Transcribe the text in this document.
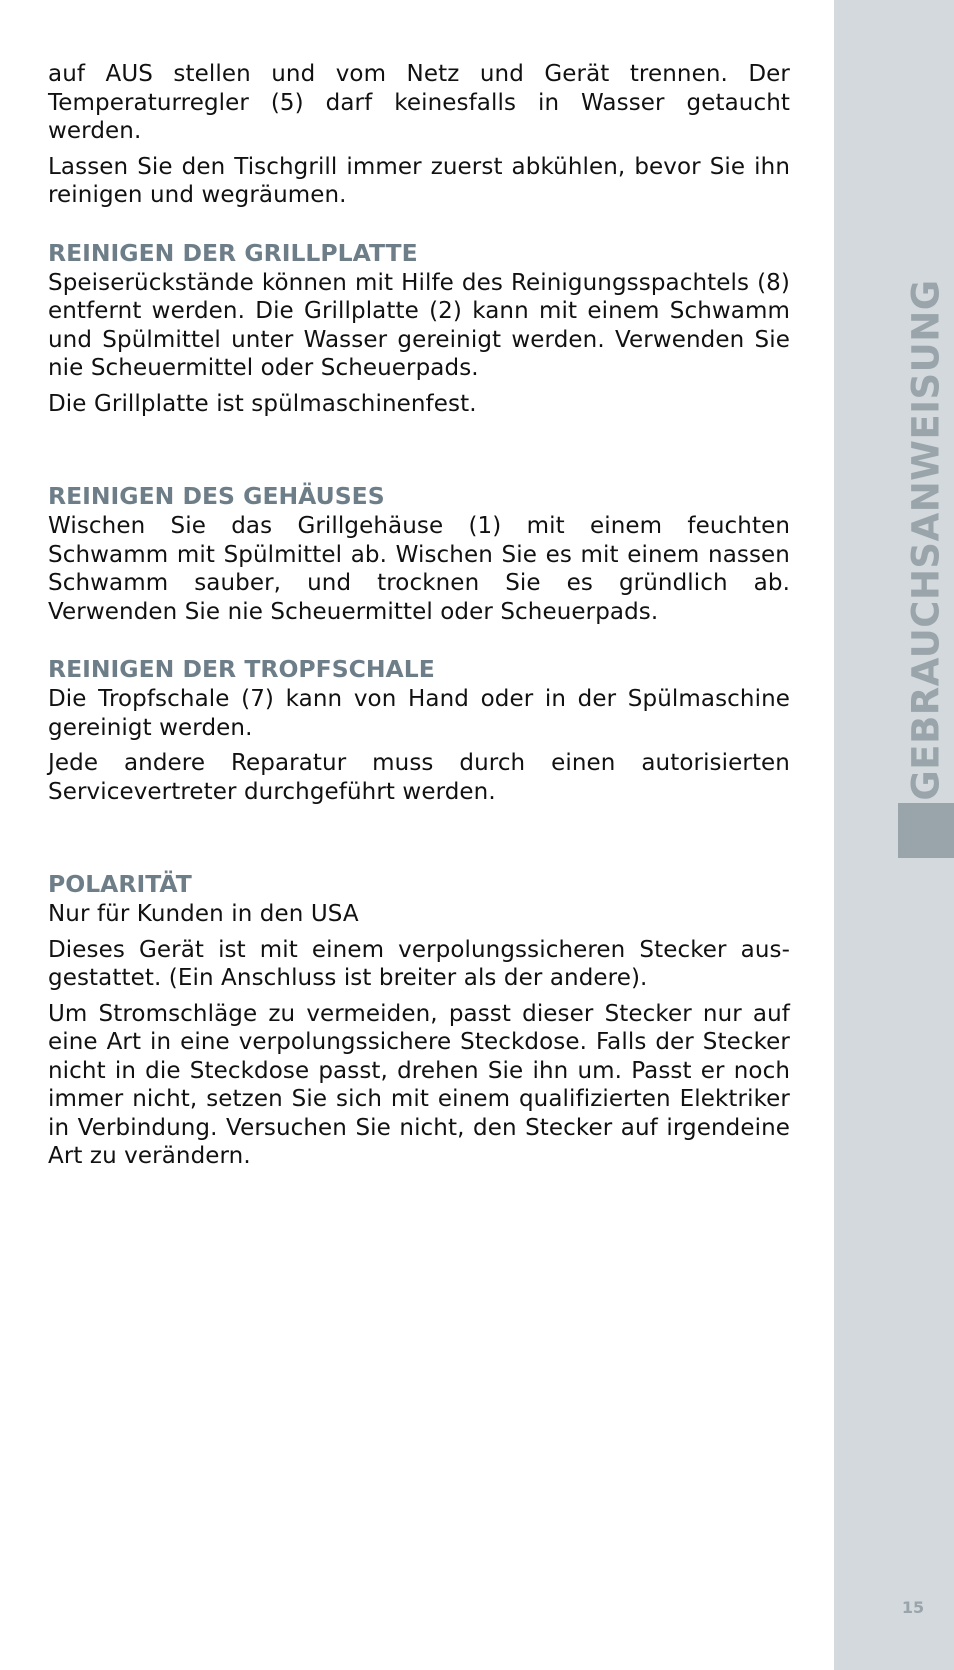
auf AUS stellen und vom Netz und Gerät trennen. Der Temperaturregler (5) darf keinesfalls in Wasser getaucht werden.

Lassen Sie den Tischgrill immer zuerst abkühlen, bevor Sie ihn reinigen und wegräumen.

REINIGEN DER GRILLPLATTE

Speiserückstände können mit Hilfe des Reinigungsspachtels (8) entfernt werden. Die Grillplatte (2) kann mit einem Schwamm und Spülmittel unter Wasser gereinigt werden. Verwenden Sie nie Scheuermittel oder Scheuerpads.

Die Grillplatte ist spülmaschinenfest.

REINIGEN DES GEHÄUSES

Wischen Sie das Grillgehäuse (1) mit einem feuchten Schwamm mit Spülmittel ab. Wischen Sie es mit einem nassen Schwamm sauber, und trocknen Sie es gründlich ab. Verwenden Sie nie Scheuermittel oder Scheuerpads.

REINIGEN DER TROPFSCHALE

Die Tropfschale (7) kann von Hand oder in der Spülmaschine gereinigt werden.

Jede andere Reparatur muss durch einen autorisierten Servicevertreter durchgeführt werden.

POLARITÄT

Nur für Kunden in den USA

Dieses Gerät ist mit einem verpolungssicheren Stecker aus-gestattet. (Ein Anschluss ist breiter als der andere).

Um Stromschläge zu vermeiden, passt dieser Stecker nur auf eine Art in eine verpolungssichere Steckdose. Falls der Stecker nicht in die Steckdose passt, drehen Sie ihn um. Passt er noch immer nicht, setzen Sie sich mit einem qualifizierten Elektriker in Verbindung. Versuchen Sie nicht, den Stecker auf irgendeine Art zu verändern.

GEBRAUCHSANWEISUNG
15
